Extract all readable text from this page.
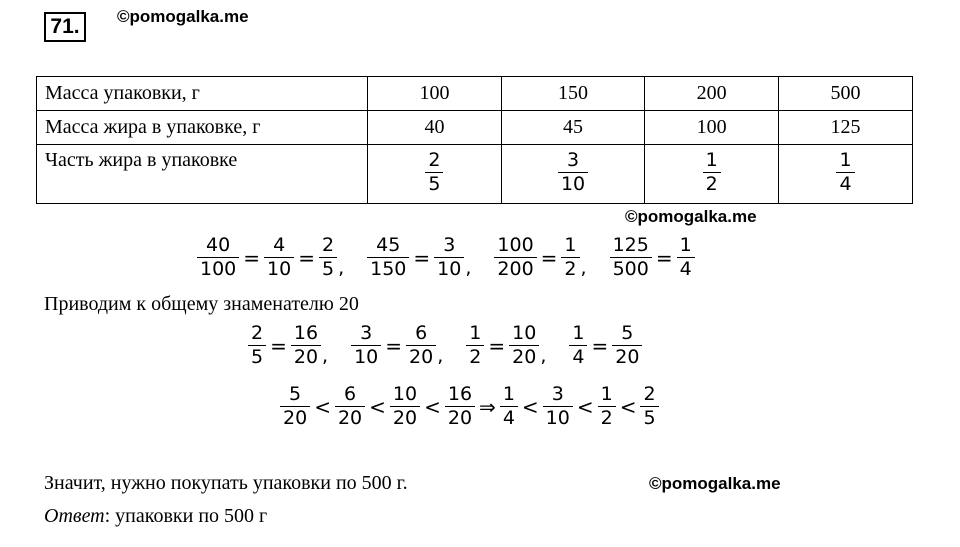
71.	©pomogalka.me
Масса упаковки, г	100	150	200	500
Масса жира в упаковке, г	40	45	100	125
Часть жира в упаковке	$\frac{2}{5}$	$\frac{3}{10}$	$\frac{1}{2}$	$\frac{1}{4}$
©pomogalka.me
$\frac{40}{100} = \frac{4}{10} = \frac{2}{5}$ , $\frac{45}{150} = \frac{3}{10}$ , $\frac{100}{200} = \frac{1}{2}$ , $\frac{125}{500} = \frac{1}{4}$
Приводим к общему знаменателю 20
$\frac{2}{5} = \frac{16}{20}$ , $\frac{3}{10} = \frac{6}{20}$ , $\frac{1}{2} = \frac{10}{20}$ , $\frac{1}{4} = \frac{5}{20}$
$\frac{5}{20} < \frac{6}{20} < \frac{10}{20} < \frac{16}{20}$ ⇒ $\frac{1}{4} < \frac{3}{10} < \frac{1}{2} < \frac{2}{5}$
Значит, нужно покупать упаковки по 500 г.	©pomogalka.me
Ответ: упаковки по 500 г
